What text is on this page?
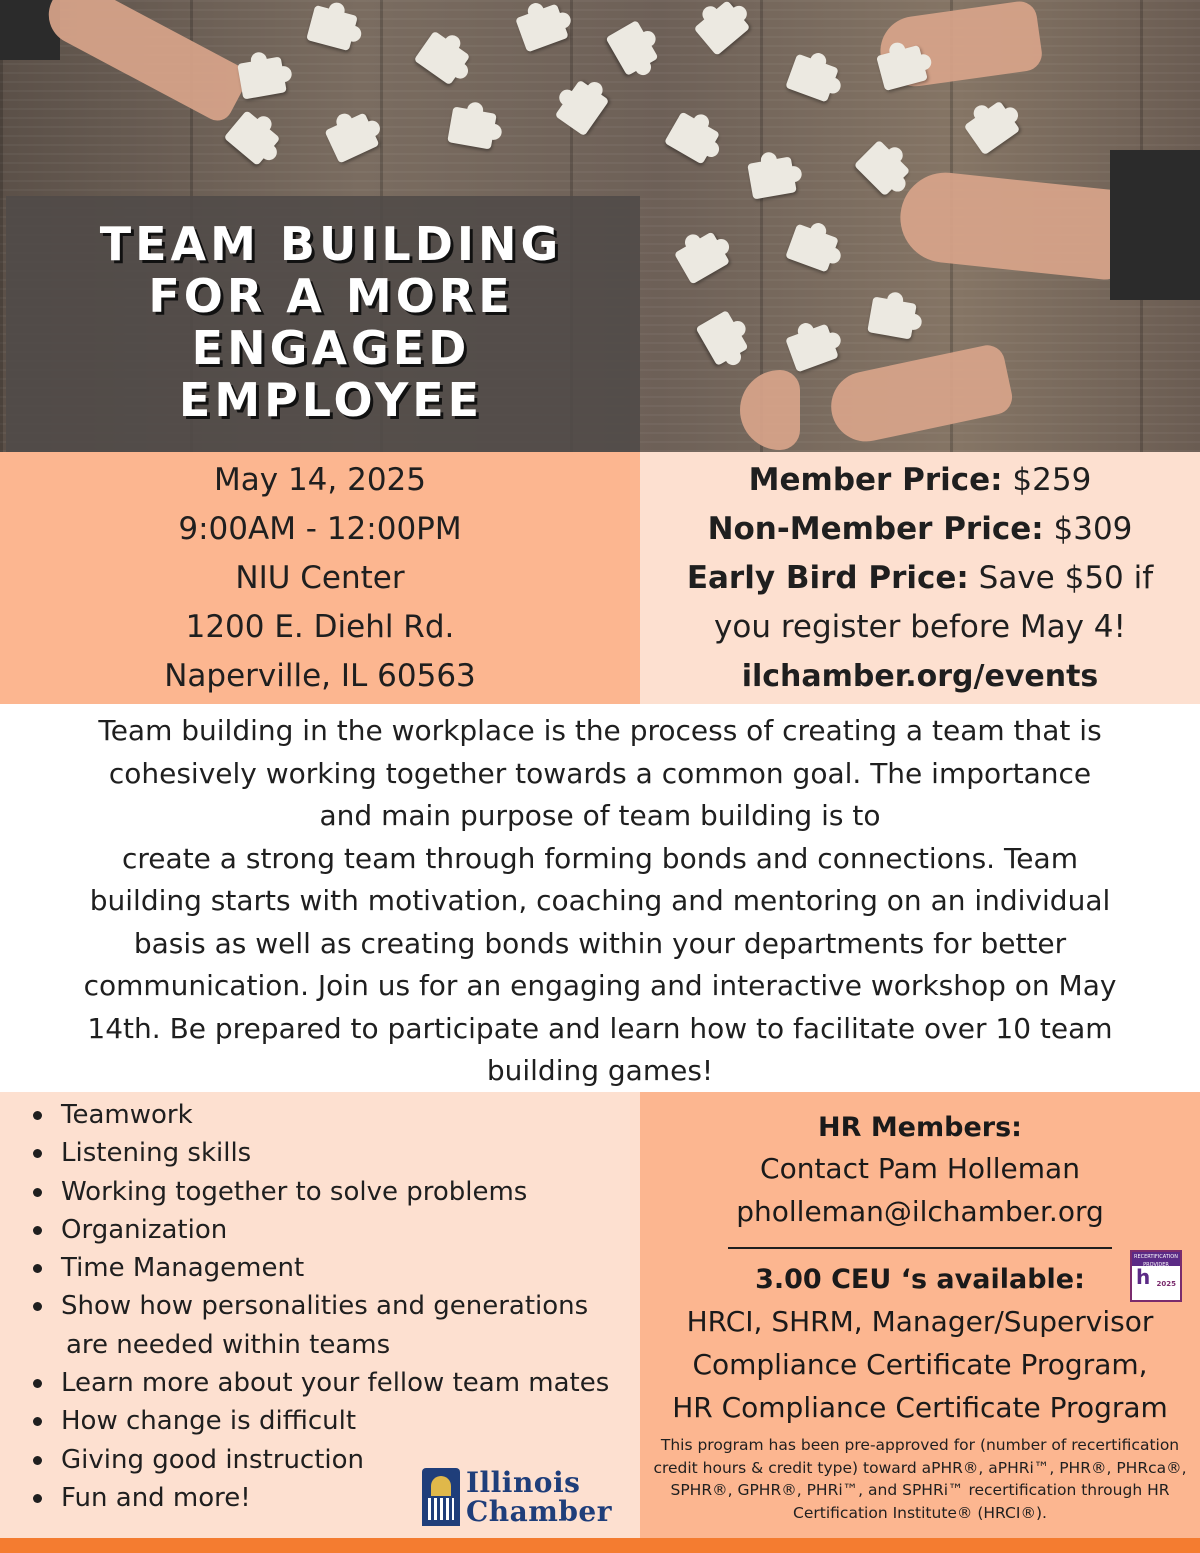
TEAM BUILDING
FOR A MORE
ENGAGED
EMPLOYEE
May 14, 2025
9:00AM - 12:00PM
NIU Center
1200 E. Diehl Rd.
Naperville, IL 60563
Member Price: $259
Non-Member Price: $309
Early Bird Price: Save $50 if
you register before May 4!
ilchamber.org/events
Team building in the workplace is the process of creating a team that is
cohesively working together towards a common goal. The importance
and main purpose of team building is to
create a strong team through forming bonds and connections. Team
building starts with motivation, coaching and mentoring on an individual
basis as well as creating bonds within your departments for better
communication. Join us for an engaging and interactive workshop on May
14th. Be prepared to participate and learn how to facilitate over 10 team
building games!
Teamwork
Listening skills
Working together to solve problems
Organization
Time Management
Show how personalities and generations
are needed within teams
Learn more about your fellow team mates
How change is difficult
Giving good instruction
Fun and more!	Illinois
Chamber
HR Members:
Contact Pam Holleman
pholleman@ilchamber.org
3.00 CEU ‘s available:
RECERTIFICATION PROVIDER
h 2025
HRCI, SHRM, Manager/Supervisor
Compliance Certificate Program,
HR Compliance Certificate Program
This program has been pre-approved for (number of recertification credit hours & credit type) toward aPHR®, aPHRi™, PHR®, PHRca®, SPHR®, GPHR®, PHRi™, and SPHRi™ recertification through HR Certification Institute® (HRCI®).
